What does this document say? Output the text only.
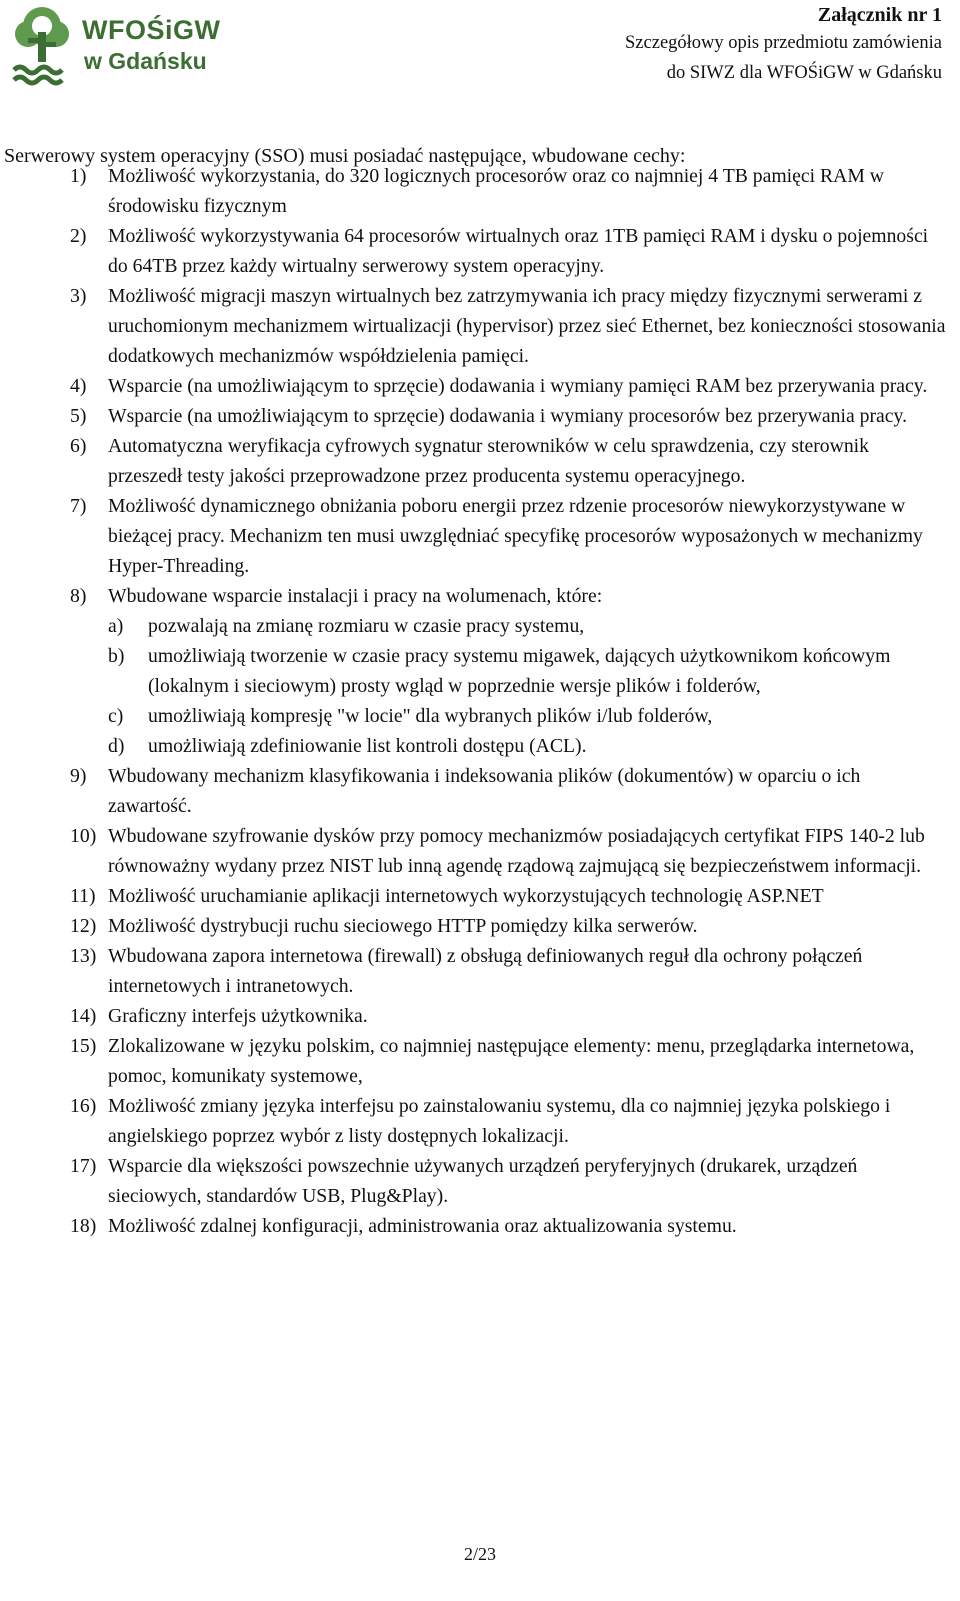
WFOŚiGW
w Gdańsku
Załącznik nr 1
Szczegółowy opis przedmiotu zamówienia
do SIWZ dla WFOŚiGW w Gdańsku
Serwerowy system operacyjny (SSO) musi posiadać następujące, wbudowane cechy:
1) Możliwość wykorzystania, do 320 logicznych procesorów oraz co najmniej 4 TB pamięci RAM w środowisku fizycznym
2) Możliwość wykorzystywania 64 procesorów wirtualnych oraz 1TB pamięci RAM i dysku o pojemności do 64TB przez każdy wirtualny serwerowy system operacyjny.
3) Możliwość migracji maszyn wirtualnych bez zatrzymywania ich pracy między fizycznymi serwerami z uruchomionym mechanizmem wirtualizacji (hypervisor) przez sieć Ethernet, bez konieczności stosowania dodatkowych mechanizmów współdzielenia pamięci.
4) Wsparcie (na umożliwiającym to sprzęcie) dodawania i wymiany pamięci RAM bez przerywania pracy.
5) Wsparcie (na umożliwiającym to sprzęcie) dodawania i wymiany procesorów bez przerywania pracy.
6) Automatyczna weryfikacja cyfrowych sygnatur sterowników w celu sprawdzenia, czy sterownik przeszedł testy jakości przeprowadzone przez producenta systemu operacyjnego.
7) Możliwość dynamicznego obniżania poboru energii przez rdzenie procesorów niewykorzystywane w bieżącej pracy. Mechanizm ten musi uwzględniać specyfikę procesorów wyposażonych w mechanizmy Hyper-Threading.
8) Wbudowane wsparcie instalacji i pracy na wolumenach, które:
a) pozwalają na zmianę rozmiaru w czasie pracy systemu,
b) umożliwiają tworzenie w czasie pracy systemu migawek, dających użytkownikom końcowym (lokalnym i sieciowym) prosty wgląd w poprzednie wersje plików i folderów,
c) umożliwiają kompresję "w locie" dla wybranych plików i/lub folderów,
d) umożliwiają zdefiniowanie list kontroli dostępu (ACL).
9) Wbudowany mechanizm klasyfikowania i indeksowania plików (dokumentów) w oparciu o ich zawartość.
10) Wbudowane szyfrowanie dysków przy pomocy mechanizmów posiadających certyfikat FIPS 140-2 lub równoważny wydany przez NIST lub inną agendę rządową zajmującą się bezpieczeństwem informacji.
11) Możliwość uruchamianie aplikacji internetowych wykorzystujących technologię ASP.NET
12) Możliwość dystrybucji ruchu sieciowego HTTP pomiędzy kilka serwerów.
13) Wbudowana zapora internetowa (firewall) z obsługą definiowanych reguł dla ochrony połączeń internetowych i intranetowych.
14) Graficzny interfejs użytkownika.
15) Zlokalizowane w języku polskim, co najmniej następujące elementy: menu, przeglądarka internetowa, pomoc, komunikaty systemowe,
16) Możliwość zmiany języka interfejsu po zainstalowaniu systemu, dla co najmniej języka polskiego i angielskiego poprzez wybór z listy dostępnych lokalizacji.
17) Wsparcie dla większości powszechnie używanych urządzeń peryferyjnych (drukarek, urządzeń sieciowych, standardów USB, Plug&Play).
18) Możliwość zdalnej konfiguracji, administrowania oraz aktualizowania systemu.
2/23
